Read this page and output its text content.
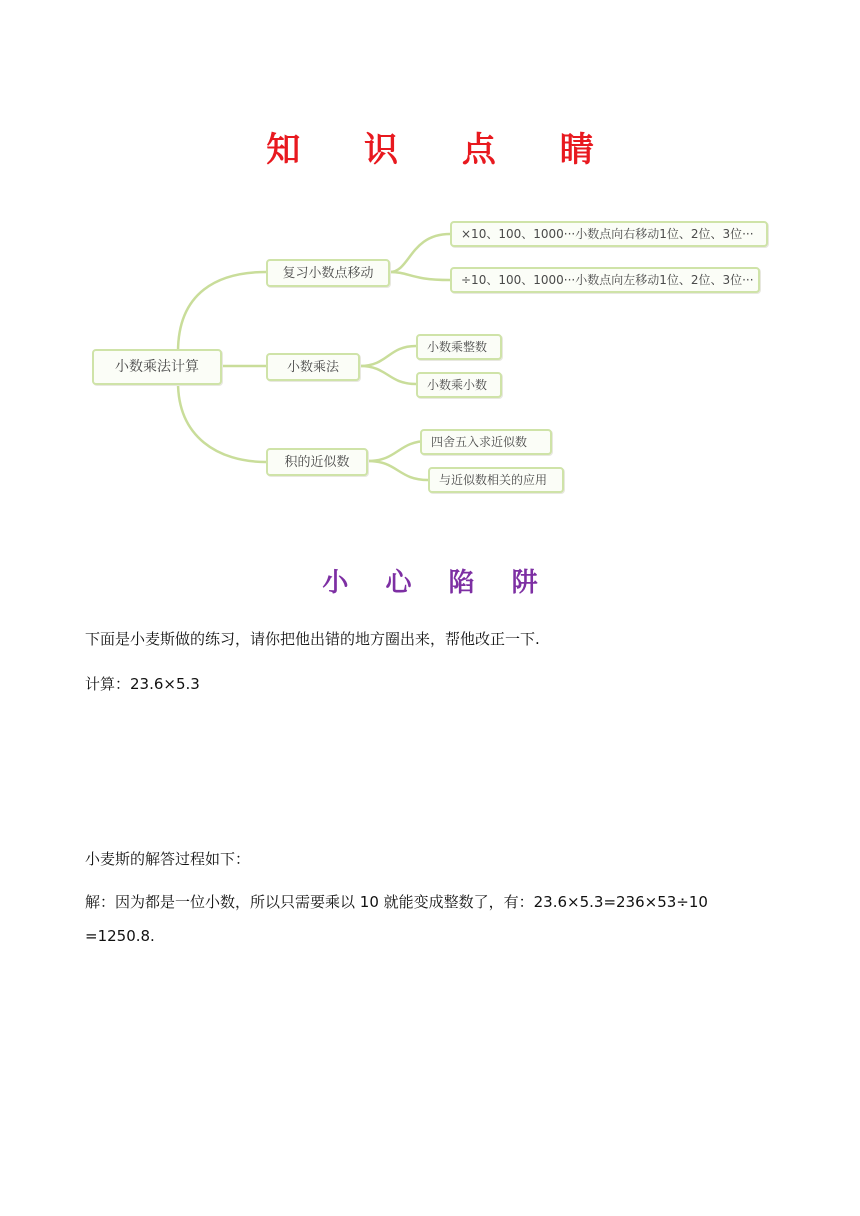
知 识 点 睛
小数乘法计算
复习小数点移动
×10、100、1000···小数点向右移动1位、2位、3位···
÷10、100、1000···小数点向左移动1位、2位、3位···
小数乘法
小数乘整数
小数乘小数
积的近似数
四舍五入求近似数
与近似数相关的应用
小 心 陷 阱
下面是小麦斯做的练习，请你把他出错的地方圈出来，帮他改正一下.
计算：23.6×5.3
小麦斯的解答过程如下：
解：因为都是一位小数，所以只需要乘以 10 就能变成整数了，有：23.6×5.3=236×53÷10
=1250.8.
